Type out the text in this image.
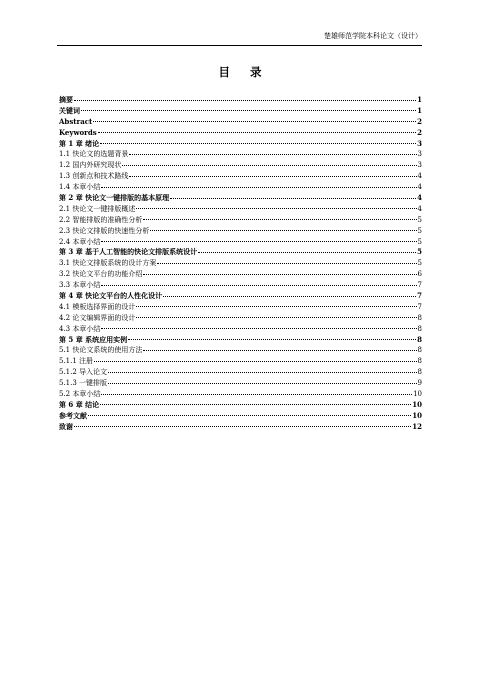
楚雄师范学院本科论文（设计）
目 录
摘要	1
关键词	1
Abstract	2
Keywords	2
第 1 章 绪论	3
1.1 快论文的选题背景	3
1.2 国内外研究现状	3
1.3 创新点和技术路线	4
1.4 本章小结	4
第 2 章 快论文一键排版的基本原理	4
2.1 快论文一键排版概述	4
2.2 智能排版的准确性分析	5
2.3 快论文排版的快速性分析	5
2.4 本章小结	5
第 3 章 基于人工智能的快论文排版系统设计	5
3.1 快论文排版系统的设计方案	5
3.2 快论文平台的功能介绍	6
3.3 本章小结	7
第 4 章 快论文平台的人性化设计	7
4.1 模板选择界面的设计	7
4.2 论文编辑界面的设计	8
4.3 本章小结	8
第 5 章 系统应用实例	8
5.1 快论文系统的使用方法	8
5.1.1 注册	8
5.1.2 导入论文	8
5.1.3 一键排版	9
5.2 本章小结	10
第 6 章 结论	10
参考文献	10
致谢	12
